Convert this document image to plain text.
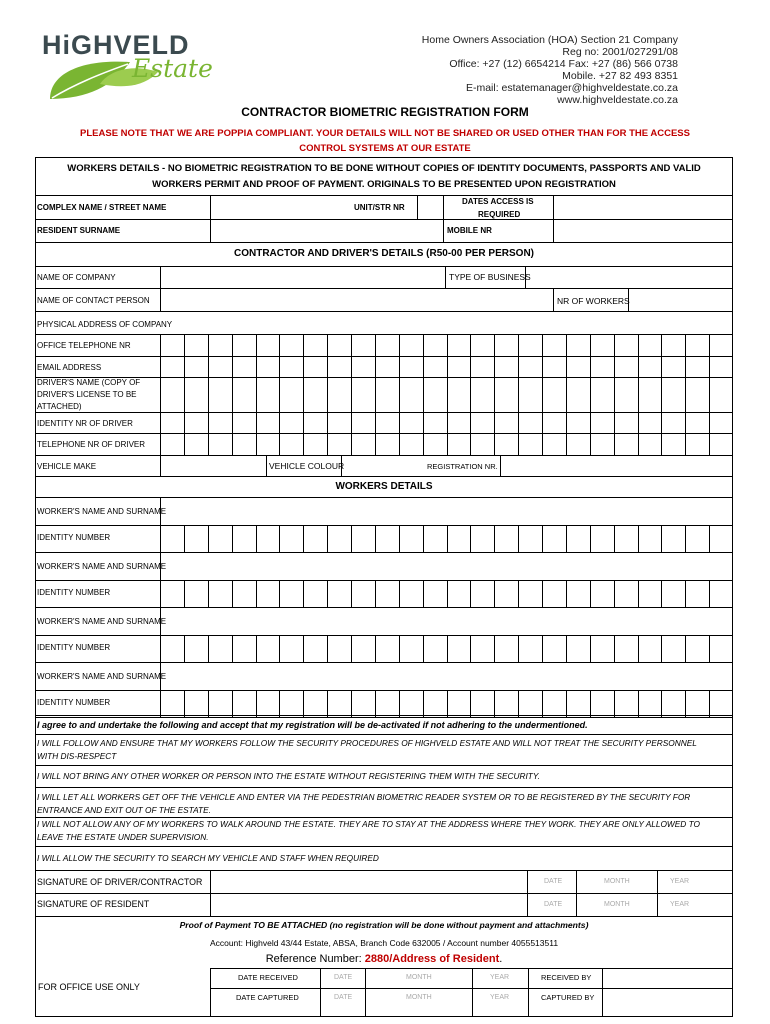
HiGHVELD
Estate
Home Owners Association (HOA) Section 21 Company
Reg no: 2001/027291/08
Office: +27 (12) 6654214 Fax: +27 (86) 566 0738
Mobile. +27 82 493 8351
E-mail: estatemanager@highveldestate.co.za
www.highveldestate.co.za
CONTRACTOR BIOMETRIC REGISTRATION FORM
PLEASE NOTE THAT WE ARE POPPIA COMPLIANT. YOUR DETAILS WILL NOT BE SHARED OR USED OTHER THAN FOR THE ACCESS
CONTROL SYSTEMS AT OUR ESTATE
WORKERS DETAILS - NO BIOMETRIC REGISTRATION TO BE DONE WITHOUT COPIES OF IDENTITY DOCUMENTS, PASSPORTS AND VALID
WORKERS PERMIT AND PROOF OF PAYMENT. ORIGINALS TO BE PRESENTED UPON REGISTRATION
COMPLEX NAME / STREET NAME	UNIT/STR NR
DATES ACCESS IS
REQUIRED
RESIDENT SURNAME	MOBILE NR
CONTRACTOR AND DRIVER'S DETAILS (R50-00 PER PERSON)
NAME OF COMPANY	TYPE OF BUSINESS
NAME OF CONTACT PERSON	NR OF WORKERS
PHYSICAL ADDRESS OF COMPANY
OFFICE TELEPHONE NR
EMAIL ADDRESS
DRIVER'S NAME (COPY OF
DRIVER'S LICENSE TO BE
ATTACHED)
IDENTITY NR OF DRIVER
TELEPHONE NR OF DRIVER
VEHICLE MAKE	VEHICLE COLOUR	REGISTRATION NR.
WORKERS DETAILS
WORKER'S NAME AND SURNAME
IDENTITY NUMBER
WORKER'S NAME AND SURNAME
IDENTITY NUMBER
WORKER'S NAME AND SURNAME
IDENTITY NUMBER
WORKER'S NAME AND SURNAME
IDENTITY NUMBER
I agree to and undertake the following and accept that my registration will be de-activated if not adhering to the undermentioned.
I WILL FOLLOW AND ENSURE THAT MY WORKERS FOLLOW THE SECURITY PROCEDURES OF HIGHVELD ESTATE AND WILL NOT TREAT THE SECURITY PERSONNEL
WITH DIS-RESPECT
I WILL NOT BRING ANY OTHER WORKER OR PERSON INTO THE ESTATE WITHOUT REGISTERING THEM WITH THE SECURITY.
I WILL LET ALL WORKERS GET OFF THE VEHICLE AND ENTER VIA THE PEDESTRIAN BIOMETRIC READER SYSTEM OR TO BE REGISTERED BY THE SECURITY FOR
ENTRANCE AND EXIT OUT OF THE ESTATE.
I WILL NOT ALLOW ANY OF MY WORKERS TO WALK AROUND THE ESTATE. THEY ARE TO STAY AT THE ADDRESS WHERE THEY WORK. THEY ARE ONLY ALLOWED TO
LEAVE THE ESTATE UNDER SUPERVISION.
I WILL ALLOW THE SECURITY TO SEARCH MY VEHICLE AND STAFF WHEN REQUIRED
SIGNATURE OF DRIVER/CONTRACTOR	DATE	MONTH	YEAR
SIGNATURE OF RESIDENT	DATE	MONTH	YEAR
Proof of Payment TO BE ATTACHED (no registration will be done without payment and attachments)
Account: Highveld 43/44 Estate, ABSA, Branch Code 632005 / Account number 4055513511
Reference Number: 2880/Address of Resident.
FOR OFFICE USE ONLY
DATE RECEIVED	DATE	MONTH	YEAR	RECEIVED BY
DATE CAPTURED	DATE	MONTH	YEAR	CAPTURED BY
